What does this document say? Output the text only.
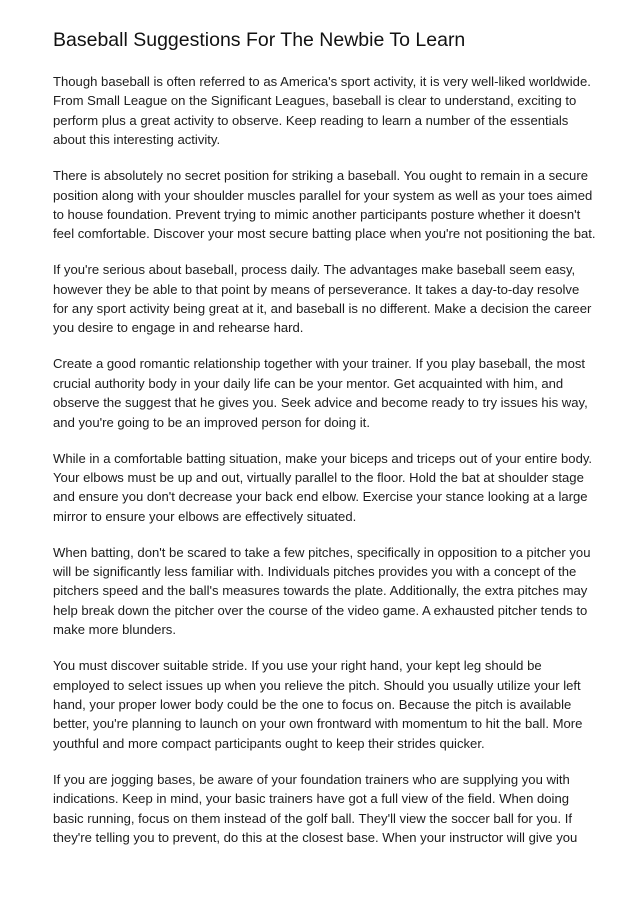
Baseball Suggestions For The Newbie To Learn

Though baseball is often referred to as America's sport activity, it is very well-liked worldwide. From Small League on the Significant Leagues, baseball is clear to understand, exciting to perform plus a great activity to observe. Keep reading to learn a number of the essentials about this interesting activity.

There is absolutely no secret position for striking a baseball. You ought to remain in a secure position along with your shoulder muscles parallel for your system as well as your toes aimed to house foundation. Prevent trying to mimic another participants posture whether it doesn't feel comfortable. Discover your most secure batting place when you're not positioning the bat.

If you're serious about baseball, process daily. The advantages make baseball seem easy, however they be able to that point by means of perseverance. It takes a day-to-day resolve for any sport activity being great at it, and baseball is no different. Make a decision the career you desire to engage in and rehearse hard.

Create a good romantic relationship together with your trainer. If you play baseball, the most crucial authority body in your daily life can be your mentor. Get acquainted with him, and observe the suggest that he gives you. Seek advice and become ready to try issues his way, and you're going to be an improved person for doing it.

While in a comfortable batting situation, make your biceps and triceps out of your entire body. Your elbows must be up and out, virtually parallel to the floor. Hold the bat at shoulder stage and ensure you don't decrease your back end elbow. Exercise your stance looking at a large mirror to ensure your elbows are effectively situated.

When batting, don't be scared to take a few pitches, specifically in opposition to a pitcher you will be significantly less familiar with. Individuals pitches provides you with a concept of the pitchers speed and the ball's measures towards the plate. Additionally, the extra pitches may help break down the pitcher over the course of the video game. A exhausted pitcher tends to make more blunders.

You must discover suitable stride. If you use your right hand, your kept leg should be employed to select issues up when you relieve the pitch. Should you usually utilize your left hand, your proper lower body could be the one to focus on. Because the pitch is available better, you're planning to launch on your own frontward with momentum to hit the ball. More youthful and more compact participants ought to keep their strides quicker.

If you are jogging bases, be aware of your foundation trainers who are supplying you with indications. Keep in mind, your basic trainers have got a full view of the field. When doing basic running, focus on them instead of the golf ball. They'll view the soccer ball for you. If they're telling you to prevent, do this at the closest base. When your instructor will give you
